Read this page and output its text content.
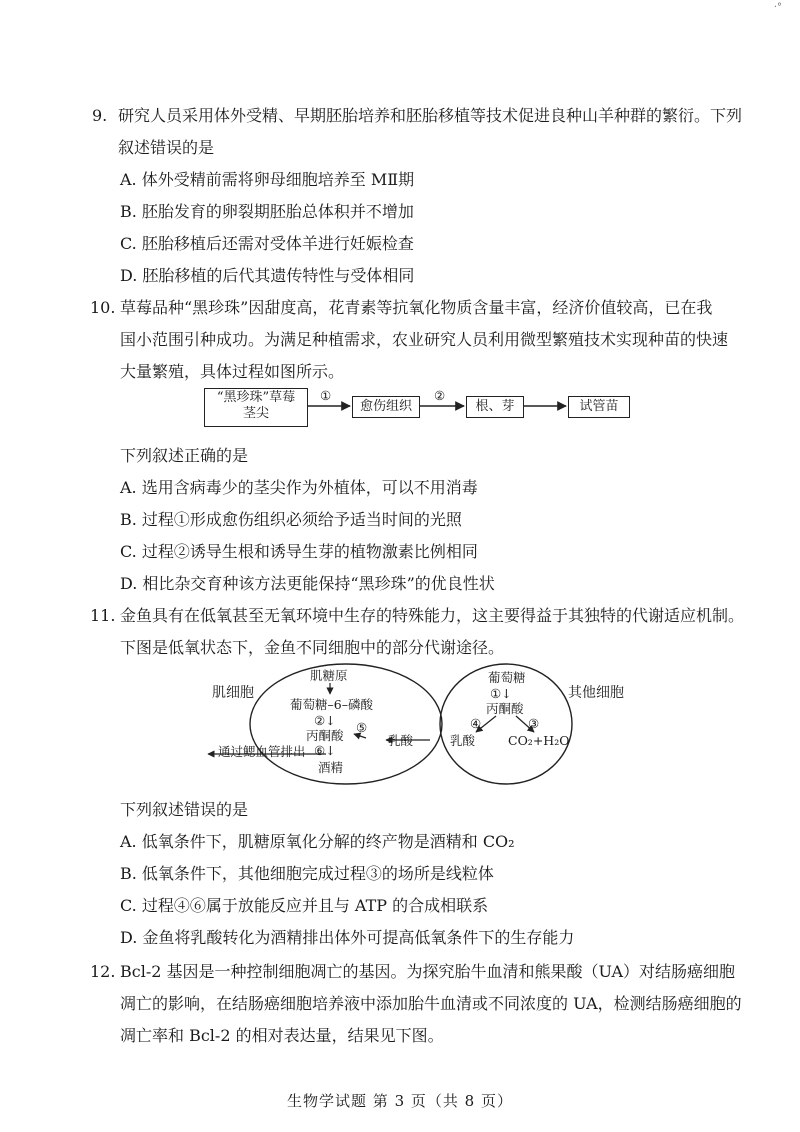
·°
9. 研究人员采用体外受精、早期胚胎培养和胚胎移植等技术促进良种山羊种群的繁衍。下列
叙述错误的是
A. 体外受精前需将卵母细胞培养至 MⅡ期
B. 胚胎发育的卵裂期胚胎总体积并不增加
C. 胚胎移植后还需对受体羊进行妊娠检查
D. 胚胎移植的后代其遗传特性与受体相同
10. 草莓品种“黑珍珠”因甜度高，花青素等抗氧化物质含量丰富，经济价值较高，已在我
国小范围引种成功。为满足种植需求，农业研究人员利用微型繁殖技术实现种苗的快速
大量繁殖，具体过程如图所示。
“黑珍珠”草莓
茎尖
①
愈伤组织
②
根、芽	试管苗
下列叙述正确的是
A. 选用含病毒少的茎尖作为外植体，可以不用消毒
B. 过程①形成愈伤组织必须给予适当时间的光照
C. 过程②诱导生根和诱导生芽的植物激素比例相同
D. 相比杂交育种该方法更能保持“黑珍珠”的优良性状
11. 金鱼具有在低氧甚至无氧环境中生存的特殊能力，这主要得益于其独特的代谢适应机制。
下图是低氧状态下，金鱼不同细胞中的部分代谢途径。
肌细胞	其他细胞
肌糖原
葡萄糖–6–磷酸
②↓
丙酮酸
⑤
乳酸
⑥↓
通过鳃血管排出
酒精
葡萄糖
①↓
丙酮酸
④	③
乳酸	CO₂+H₂O
下列叙述错误的是
A. 低氧条件下，肌糖原氧化分解的终产物是酒精和 CO₂
B. 低氧条件下，其他细胞完成过程③的场所是线粒体
C. 过程④⑥属于放能反应并且与 ATP 的合成相联系
D. 金鱼将乳酸转化为酒精排出体外可提高低氧条件下的生存能力
12. Bcl-2 基因是一种控制细胞凋亡的基因。为探究胎牛血清和熊果酸（UA）对结肠癌细胞
凋亡的影响，在结肠癌细胞培养液中添加胎牛血清或不同浓度的 UA，检测结肠癌细胞的
凋亡率和 Bcl-2 的相对表达量，结果见下图。
生物学试题 第 3 页（共 8 页）
